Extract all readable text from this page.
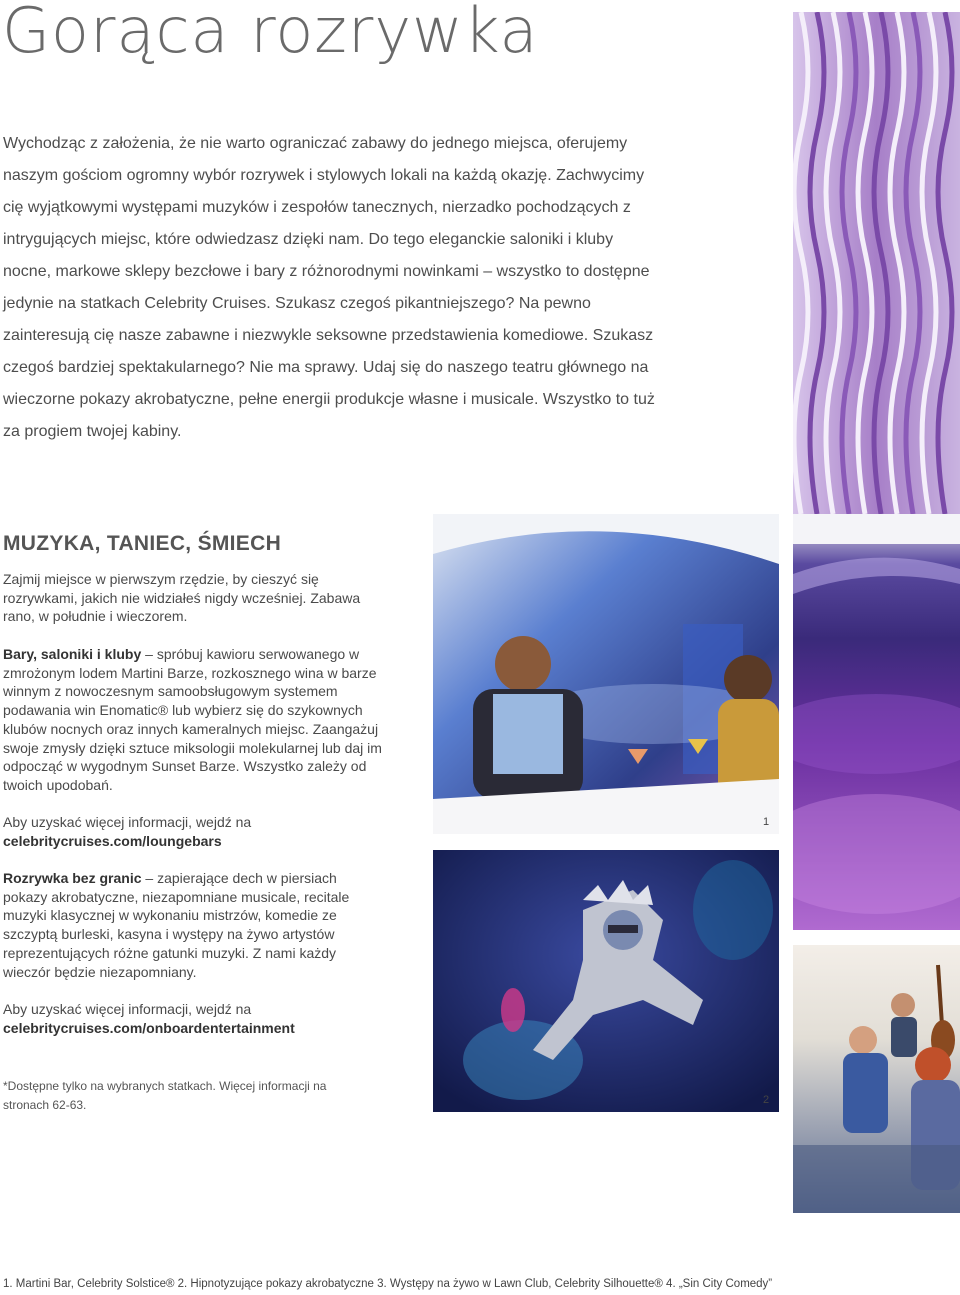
Gorąca rozrywka

Wychodząc z założenia, że nie warto ograniczać zabawy do jednego miejsca, oferujemy naszym gościom ogromny wybór rozrywek i stylowych lokali na każdą okazję. Zachwycimy cię wyjątkowymi występami muzyków i zespołów tanecznych, nierzadko pochodzących z intrygujących miejsc, które odwiedzasz dzięki nam. Do tego eleganckie saloniki i kluby nocne, markowe sklepy bezcłowe i bary z różnorodnymi nowinkami – wszystko to dostępne jedynie na statkach Celebrity Cruises. Szukasz czegoś pikantniejszego? Na pewno zainteresują cię nasze zabawne i niezwykle seksowne przedstawienia komediowe. Szukasz czegoś bardziej spektakularnego? Nie ma sprawy. Udaj się do naszego teatru głównego na wieczorne pokazy akrobatyczne, pełne energii produkcje własne i musicale. Wszystko to tuż za progiem twojej kabiny.

MUZYKA, TANIEC, ŚMIECH

Zajmij miejsce w pierwszym rzędzie, by cieszyć się rozrywkami, jakich nie widziałeś nigdy wcześniej. Zabawa rano, w południe i wieczorem.

Bary, saloniki i kluby – spróbuj kawioru serwowanego w zmrożonym lodem Martini Barze, rozkosznego wina w barze winnym z nowoczesnym samoobsługowym systemem podawania win Enomatic® lub wybierz się do szykownych klubów nocnych oraz innych kameralnych miejsc. Zaangażuj swoje zmysły dzięki sztuce miksologii molekularnej lub daj im odpocząć w wygodnym Sunset Barze. Wszystko zależy od twoich upodobań.

Aby uzyskać więcej informacji, wejdź na
celebritycruises.com/loungebars

Rozrywka bez granic – zapierające dech w piersiach pokazy akrobatyczne, niezapomniane musicale, recitale muzyki klasycznej w wykonaniu mistrzów, komedie ze szczyptą burleski, kasyna i występy na żywo artystów reprezentujących różne gatunki muzyki. Z nami każdy wieczór będzie niezapomniany.

Aby uzyskać więcej informacji, wejdź na
celebritycruises.com/onboardentertainment

*Dostępne tylko na wybranych statkach. Więcej informacji na stronach 62-63.

1
2

1. Martini Bar, Celebrity Solstice® 2. Hipnotyzujące pokazy akrobatyczne 3. Występy na żywo w Lawn Club, Celebrity Silhouette® 4. „Sin City Comedy”
